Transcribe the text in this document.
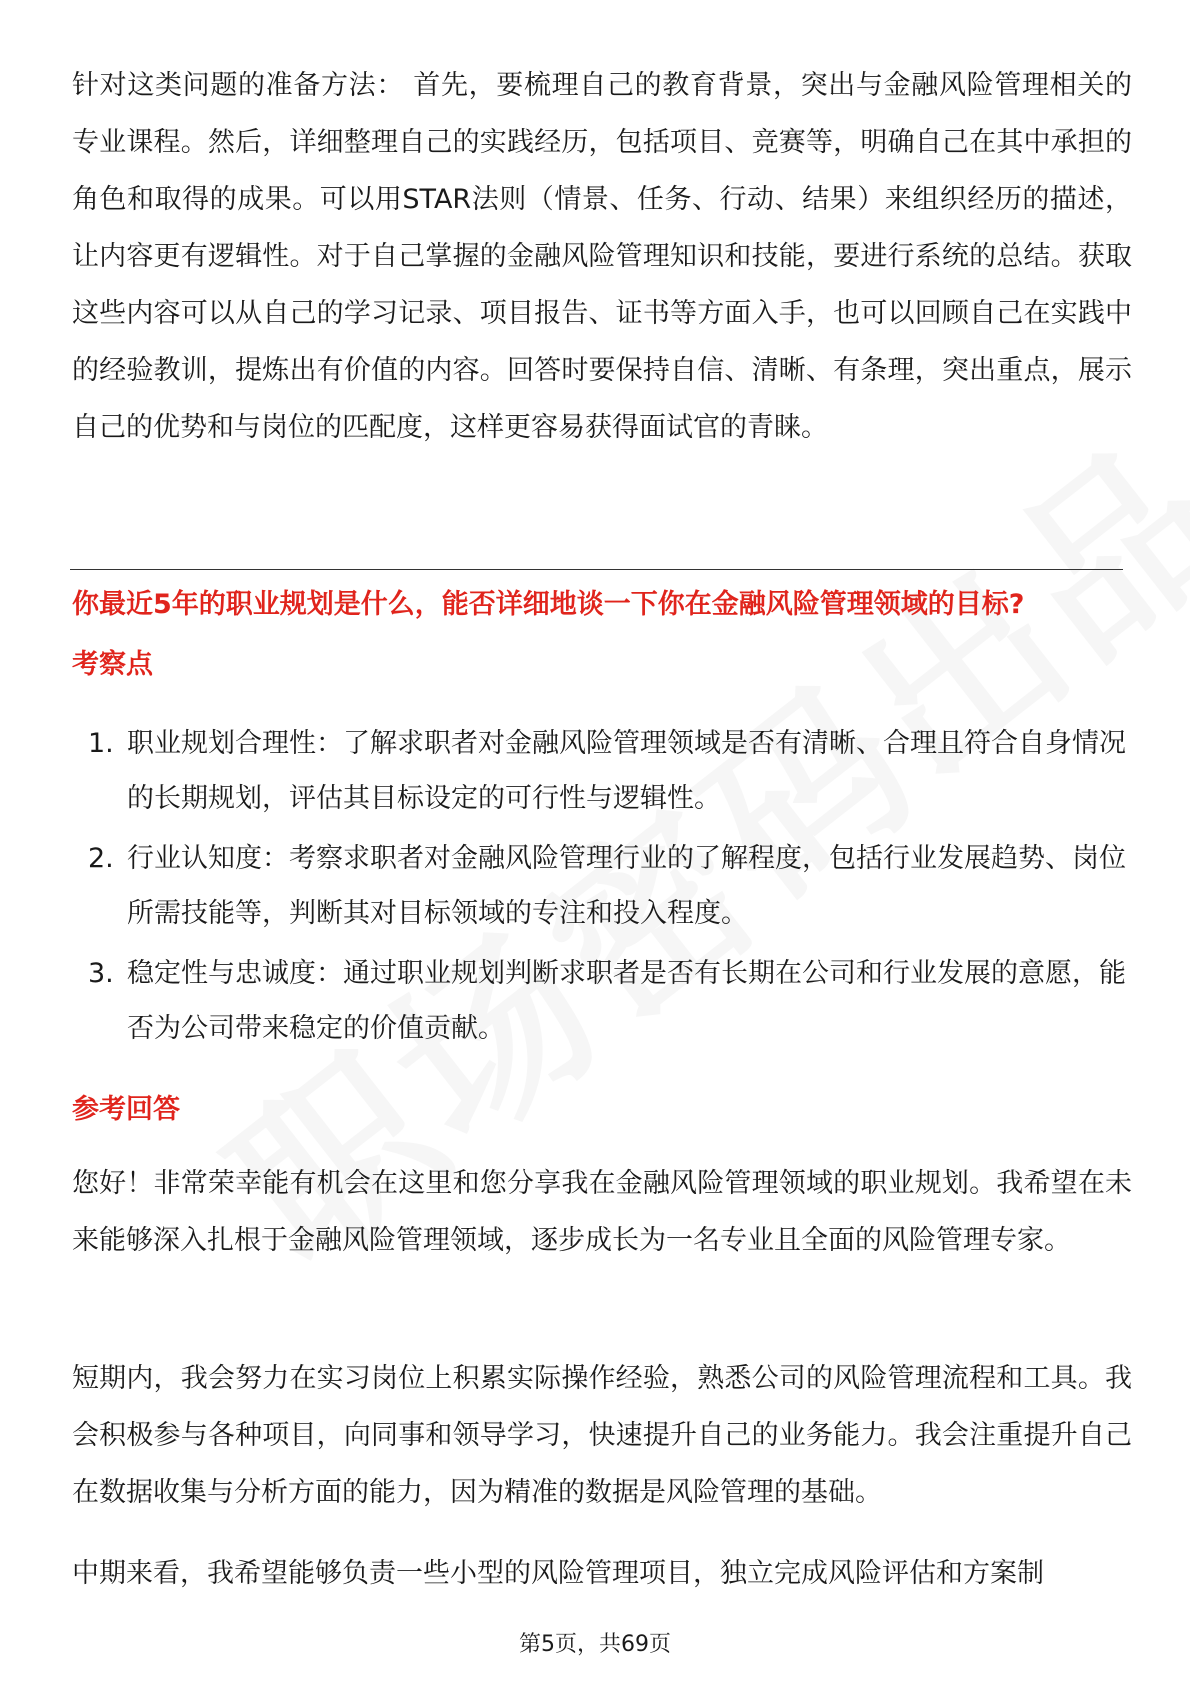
针对这类问题的准备方法： 首先，要梳理自己的教育背景，突出与金融风险管理相关的专业课程。然后，详细整理自己的实践经历，包括项目、竞赛等，明确自己在其中承担的角色和取得的成果。可以用STAR法则（情景、任务、行动、结果）来组织经历的描述，让内容更有逻辑性。对于自己掌握的金融风险管理知识和技能，要进行系统的总结。获取这些内容可以从自己的学习记录、项目报告、证书等方面入手，也可以回顾自己在实践中的经验教训，提炼出有价值的内容。回答时要保持自信、清晰、有条理，突出重点，展示自己的优势和与岗位的匹配度，这样更容易获得面试官的青睐。

你最近5年的职业规划是什么，能否详细地谈一下你在金融风险管理领域的目标?

考察点

1. 职业规划合理性：了解求职者对金融风险管理领域是否有清晰、合理且符合自身情况的长期规划，评估其目标设定的可行性与逻辑性。
2. 行业认知度：考察求职者对金融风险管理行业的了解程度，包括行业发展趋势、岗位所需技能等，判断其对目标领域的专注和投入程度。
3. 稳定性与忠诚度：通过职业规划判断求职者是否有长期在公司和行业发展的意愿，能否为公司带来稳定的价值贡献。

参考回答

您好！非常荣幸能有机会在这里和您分享我在金融风险管理领域的职业规划。我希望在未来能够深入扎根于金融风险管理领域，逐步成长为一名专业且全面的风险管理专家。

短期内，我会努力在实习岗位上积累实际操作经验，熟悉公司的风险管理流程和工具。我会积极参与各种项目，向同事和领导学习，快速提升自己的业务能力。我会注重提升自己在数据收集与分析方面的能力，因为精准的数据是风险管理的基础。

中期来看，我希望能够负责一些小型的风险管理项目，独立完成风险评估和方案制

第5页，共69页
